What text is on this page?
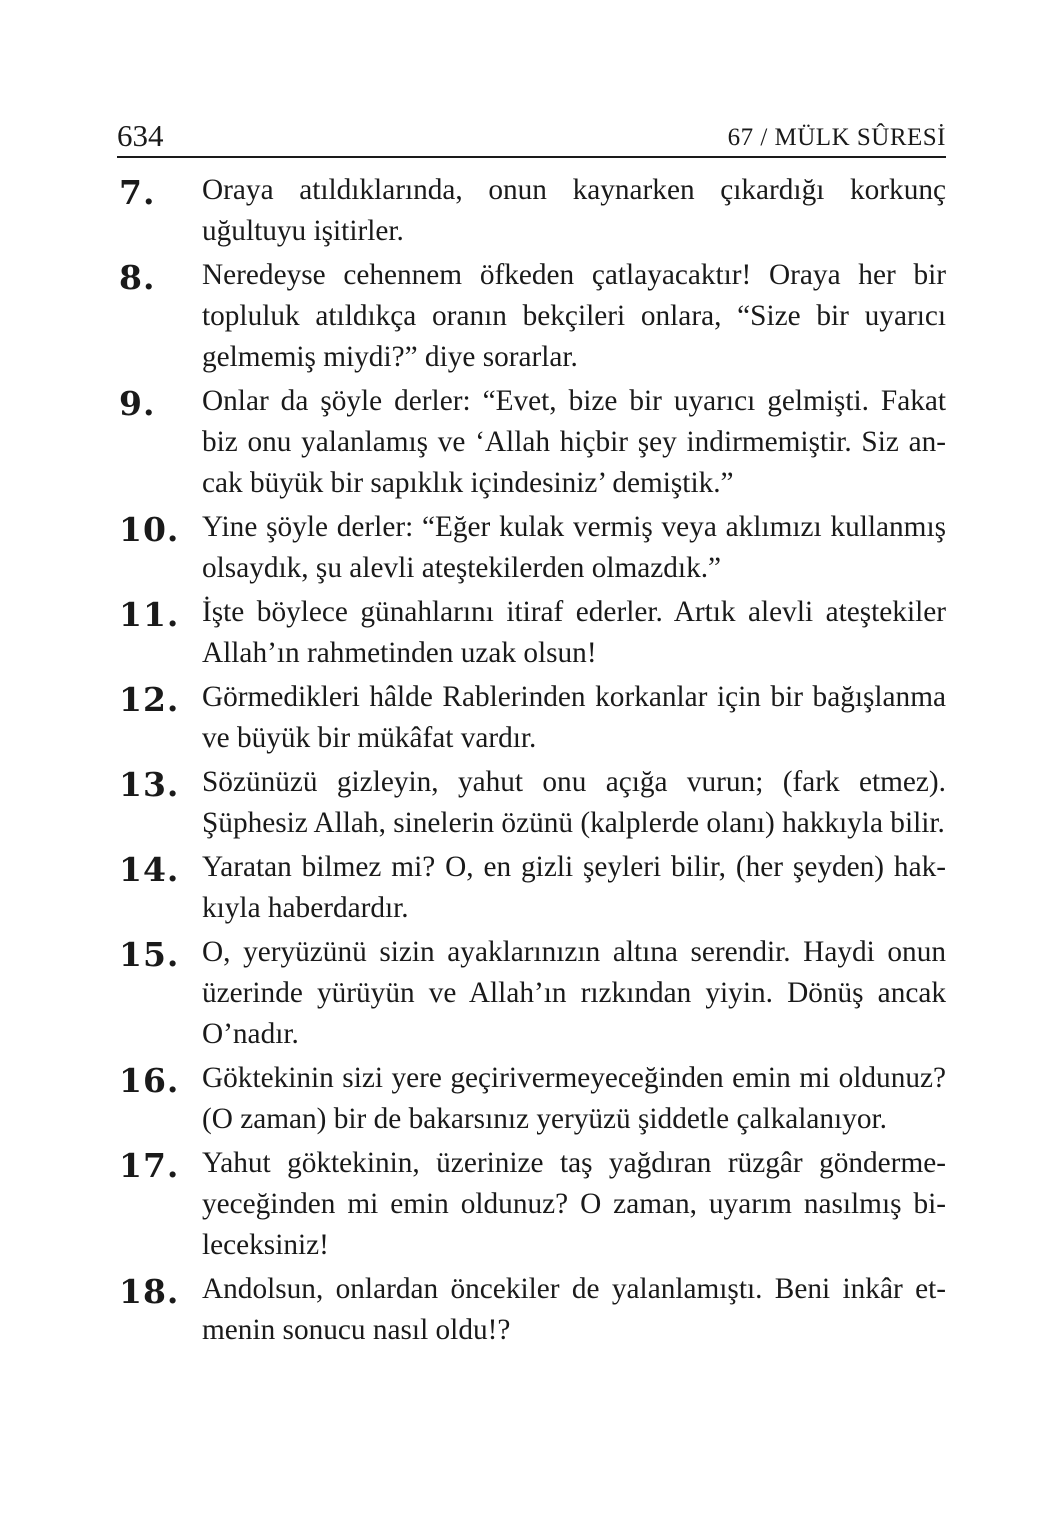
634	67 / MÜLK SÛRESİ
7. Oraya atıldıklarında, onun kaynarken çıkardığı korkunç uğultuyu işitirler.

8. Neredeyse cehennem öfkeden çatlayacaktır! Oraya her bir topluluk atıldıkça oranın bekçileri onlara, “Size bir uyarıcı gelmemiş miydi?” diye sorarlar.

9. Onlar da şöyle derler: “Evet, bize bir uyarıcı gelmişti. Fakat biz onu yalanlamış ve ‘Allah hiçbir şey indirmemiştir. Siz ancak büyük bir sapıklık içindesiniz’ demiştik.”

10. Yine şöyle derler: “Eğer kulak vermiş veya aklımızı kullanmış olsaydık, şu alevli ateştekilerden olmazdık.”

11. İşte böylece günahlarını itiraf ederler. Artık alevli ateştekiler Allah’ın rahmetinden uzak olsun!

12. Görmedikleri hâlde Rablerinden korkanlar için bir bağışlanma ve büyük bir mükâfat vardır.

13. Sözünüzü gizleyin, yahut onu açığa vurun; (fark etmez). Şüphesiz Allah, sinelerin özünü (kalplerde olanı) hakkıyla bilir.

14. Yaratan bilmez mi? O, en gizli şeyleri bilir, (her şeyden) hakkıyla haberdardır.

15. O, yeryüzünü sizin ayaklarınızın altına serendir. Haydi onun üzerinde yürüyün ve Allah’ın rızkından yiyin. Dönüş ancak O’nadır.

16. Göktekinin sizi yere geçirivermeyeceğinden emin mi oldunuz? (O zaman) bir de bakarsınız yeryüzü şiddetle çalkalanıyor.

17. Yahut göktekinin, üzerinize taş yağdıran rüzgâr göndermeyeceğinden mi emin oldunuz? O zaman, uyarım nasılmış bileceksiniz!

18. Andolsun, onlardan öncekiler de yalanlamıştı. Beni inkâr etmenin sonucu nasıl oldu!?
